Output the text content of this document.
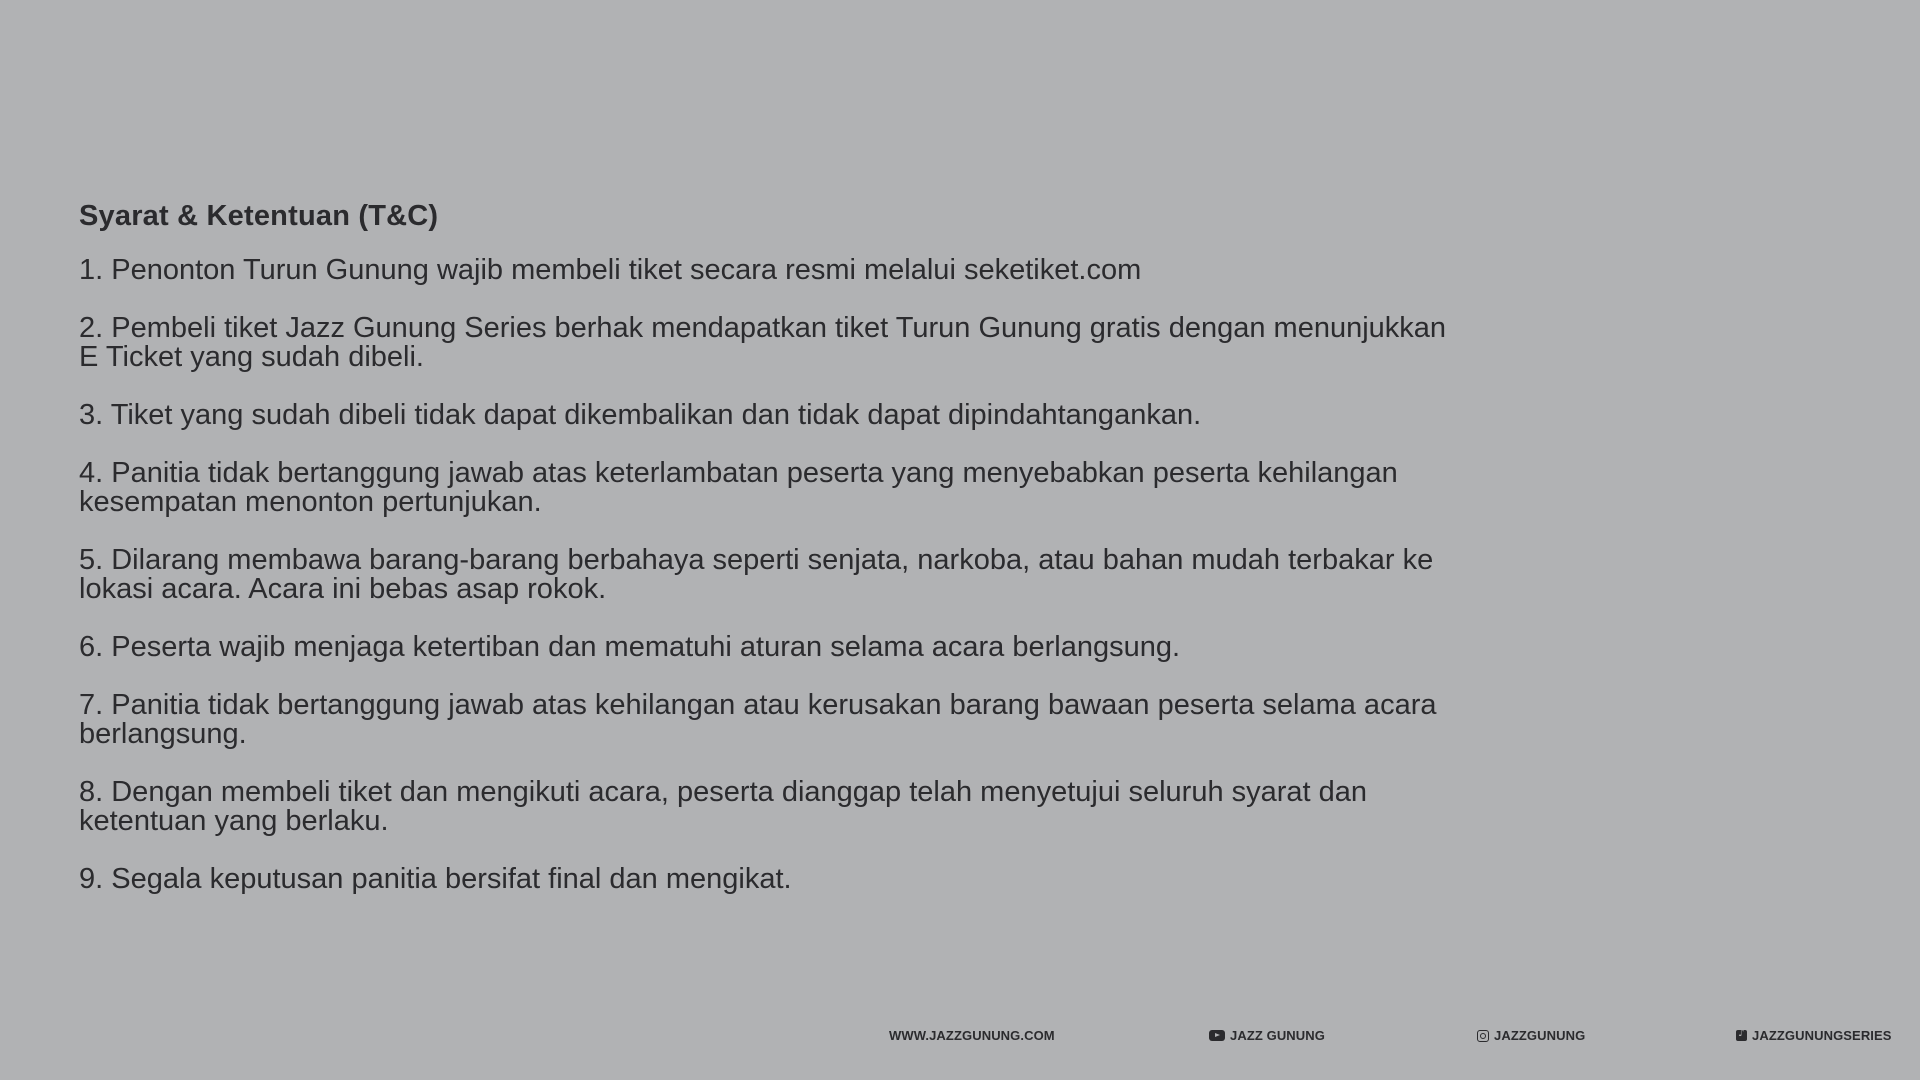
Syarat & Ketentuan (T&C)
1. Penonton Turun Gunung wajib membeli tiket secara resmi melalui seketiket.com
2. Pembeli tiket Jazz Gunung Series berhak mendapatkan tiket Turun Gunung gratis dengan menunjukkan E Ticket yang sudah dibeli.
3. Tiket yang sudah dibeli tidak dapat dikembalikan dan tidak dapat dipindahtangankan.
4. Panitia tidak bertanggung jawab atas keterlambatan peserta yang menyebabkan peserta kehilangan kesempatan menonton pertunjukan.
5. Dilarang membawa barang-barang berbahaya seperti senjata, narkoba, atau bahan mudah terbakar ke lokasi acara. Acara ini bebas asap rokok.
6. Peserta wajib menjaga ketertiban dan mematuhi aturan selama acara berlangsung.
7. Panitia tidak bertanggung jawab atas kehilangan atau kerusakan barang bawaan peserta selama acara berlangsung.
8. Dengan membeli tiket dan mengikuti acara, peserta dianggap telah menyetujui seluruh syarat dan ketentuan yang berlaku.
9. Segala keputusan panitia bersifat final dan mengikat.
WWW.JAZZGUNUNG.COM	JAZZ GUNUNG	JAZZGUNUNG
♪	JAZZGUNUNGSERIES
